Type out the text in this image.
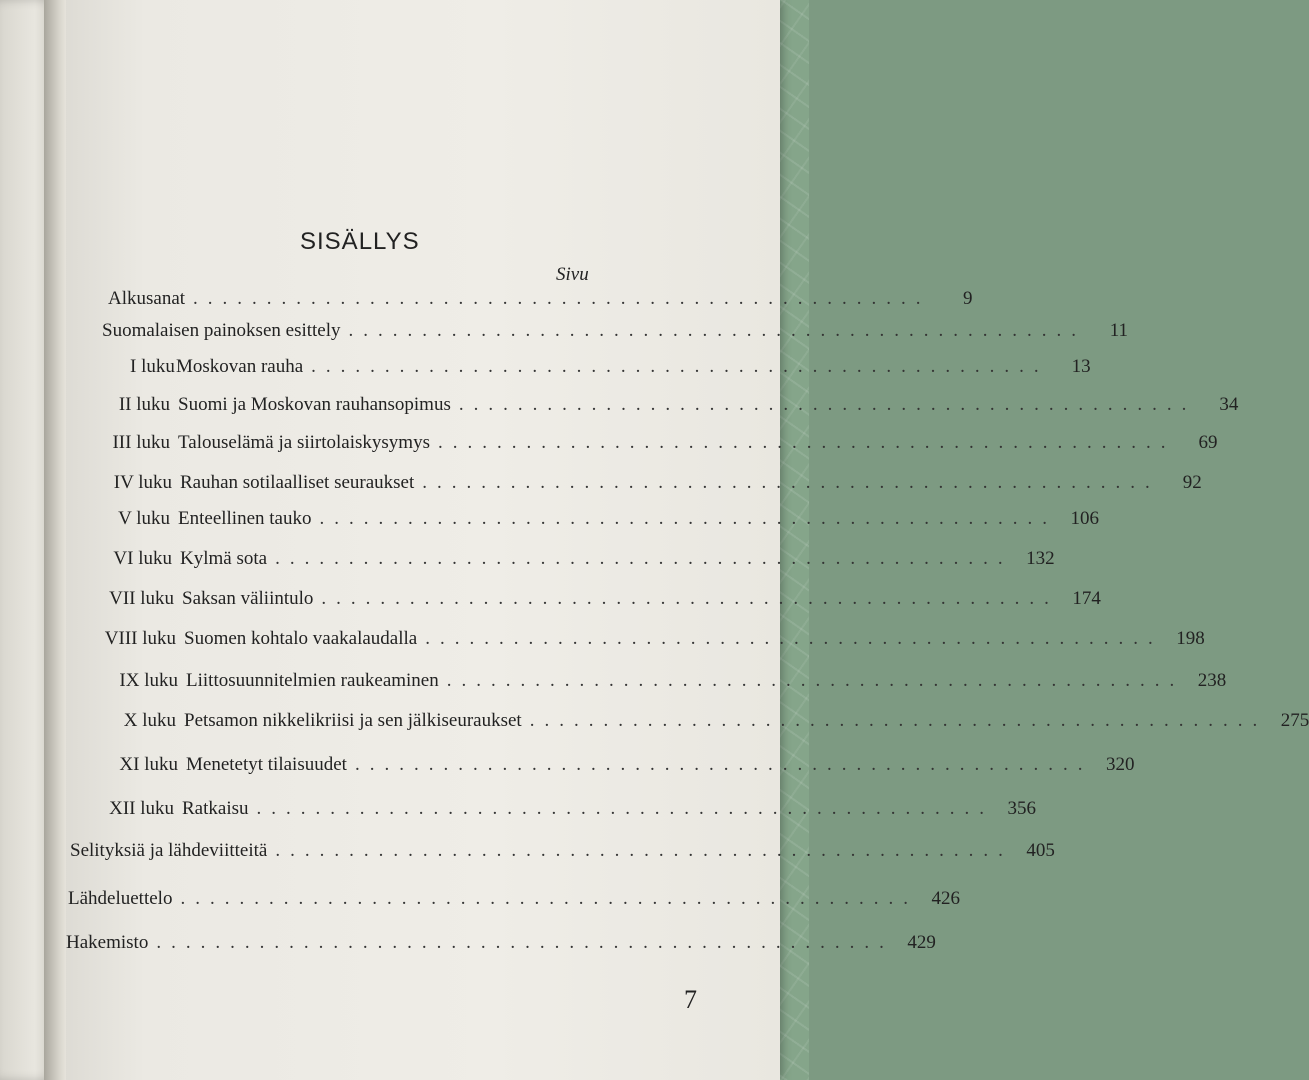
SISÄLLYS
Sivu
Alkusanat ..................................................	9
Suomalaisen painoksen esittely ..................................................	11
I luku Moskovan rauha ..................................................	13
II luku Suomi ja Moskovan rauhansopimus ..................................................	34
III luku Talouselämä ja siirtolaiskysymys ..................................................	69
IV luku Rauhan sotilaalliset seuraukset ..................................................	92
V luku Enteellinen tauko .................................................. 106
VI luku Kylmä sota .................................................. 132
VII luku Saksan väliintulo .................................................. 174
VIII luku Suomen kohtalo vaakalaudalla .................................................. 198
IX luku Liittosuunnitelmien raukeaminen .................................................. 238
X luku Petsamon nikkelikriisi ja sen jälkiseuraukset .................................................. 275
XI luku Menetetyt tilaisuudet .................................................. 320
XII luku Ratkaisu .................................................. 356
Selityksiä ja lähdeviitteitä .................................................. 405
Lähdeluettelo .................................................. 426
Hakemisto .................................................. 429
7
